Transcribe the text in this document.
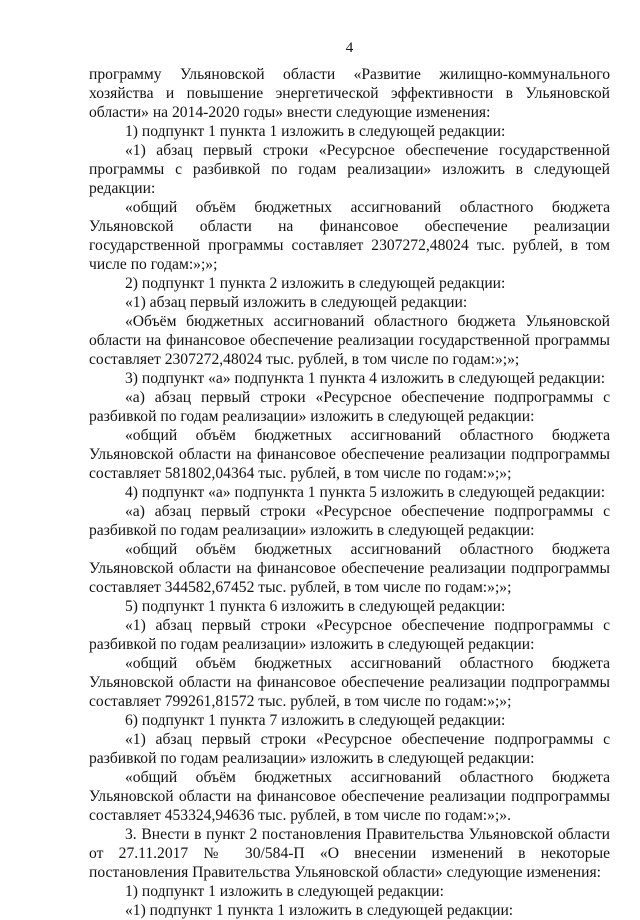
4

программу Ульяновской области «Развитие жилищно-коммунального хозяйства и повышение энергетической эффективности в Ульяновской области» на 2014-2020 годы» внести следующие изменения:

1) подпункт 1 пункта 1 изложить в следующей редакции:

«1) абзац первый строки «Ресурсное обеспечение государственной программы с разбивкой по годам реализации» изложить в следующей редакции:

«общий объём бюджетных ассигнований областного бюджета Ульяновской области на финансовое обеспечение реализации государственной программы составляет 2307272,48024 тыс. рублей, в том числе по годам:»;»;

2) подпункт 1 пункта 2 изложить в следующей редакции:

«1) абзац первый изложить в следующей редакции:

«Объём бюджетных ассигнований областного бюджета Ульяновской области на финансовое обеспечение реализации государственной программы составляет 2307272,48024 тыс. рублей, в том числе по годам:»;»;

3) подпункт «а» подпункта 1 пункта 4 изложить в следующей редакции:

«а) абзац первый строки «Ресурсное обеспечение подпрограммы с разбивкой по годам реализации» изложить в следующей редакции:

«общий объём бюджетных ассигнований областного бюджета Ульяновской области на финансовое обеспечение реализации подпрограммы составляет 581802,04364 тыс. рублей, в том числе по годам:»;»;

4) подпункт «а» подпункта 1 пункта 5 изложить в следующей редакции:

«а) абзац первый строки «Ресурсное обеспечение подпрограммы с разбивкой по годам реализации» изложить в следующей редакции:

«общий объём бюджетных ассигнований областного бюджета Ульяновской области на финансовое обеспечение реализации подпрограммы составляет 344582,67452 тыс. рублей, в том числе по годам:»;»;

5) подпункт 1 пункта 6 изложить в следующей редакции:

«1) абзац первый строки «Ресурсное обеспечение подпрограммы с разбивкой по годам реализации» изложить в следующей редакции:

«общий объём бюджетных ассигнований областного бюджета Ульяновской области на финансовое обеспечение реализации подпрограммы составляет 799261,81572 тыс. рублей, в том числе по годам:»;»;

6) подпункт 1 пункта 7 изложить в следующей редакции:

«1) абзац первый строки «Ресурсное обеспечение подпрограммы с разбивкой по годам реализации» изложить в следующей редакции:

«общий объём бюджетных ассигнований областного бюджета Ульяновской области на финансовое обеспечение реализации подпрограммы составляет 453324,94636 тыс. рублей, в том числе по годам:»;».

3. Внести в пункт 2 постановления Правительства Ульяновской области от 27.11.2017 № 30/584-П «О внесении изменений в некоторые постановления Правительства Ульяновской области» следующие изменения:

1) подпункт 1 изложить в следующей редакции:

«1) подпункт 1 пункта 1 изложить в следующей редакции:
